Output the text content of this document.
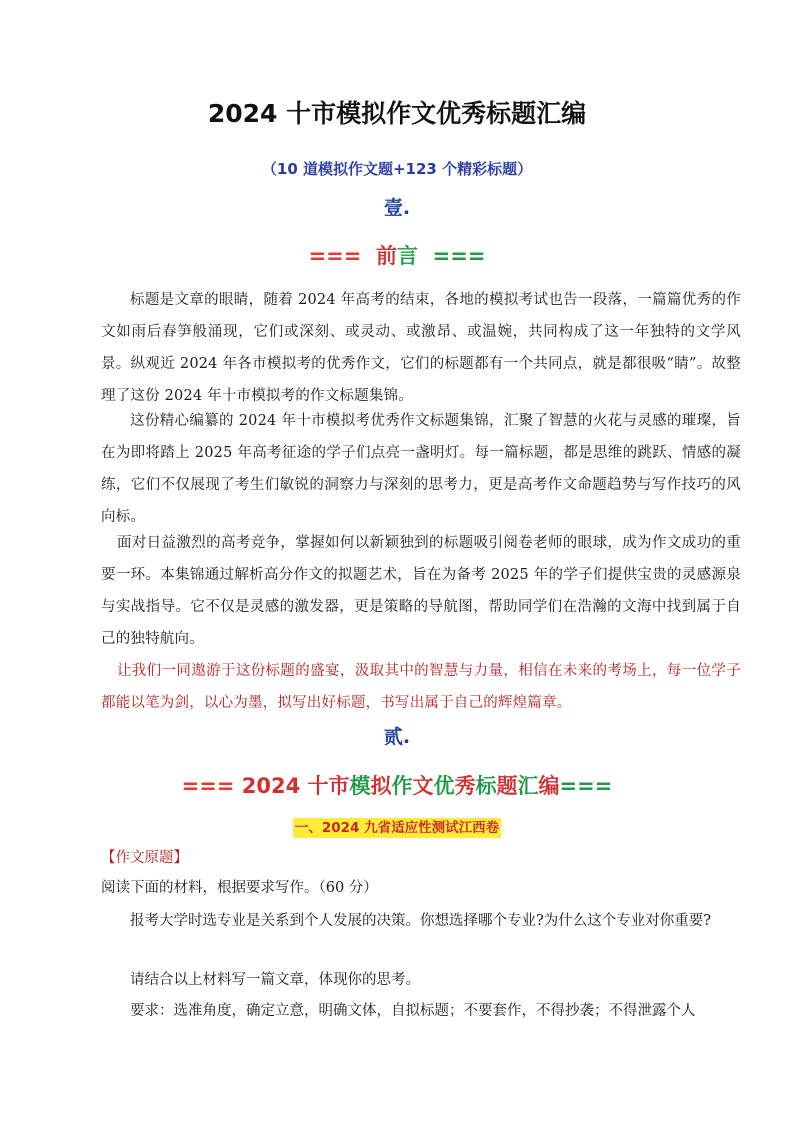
2024 十市模拟作文优秀标题汇编
（10 道模拟作文题+123 个精彩标题）
壹.
=== 前言 ===
标题是文章的眼睛，随着 2024 年高考的结束，各地的模拟考试也告一段落，一篇篇优秀的作文如雨后春笋般涌现，它们或深刻、或灵动、或激昂、或温婉，共同构成了这一年独特的文学风景。纵观近 2024 年各市模拟考的优秀作文，它们的标题都有一个共同点，就是都很吸“睛”。故整理了这份 2024 年十市模拟考的作文标题集锦。
这份精心编纂的 2024 年十市模拟考优秀作文标题集锦，汇聚了智慧的火花与灵感的璀璨，旨在为即将踏上 2025 年高考征途的学子们点亮一盏明灯。每一篇标题，都是思维的跳跃、情感的凝练，它们不仅展现了考生们敏锐的洞察力与深刻的思考力，更是高考作文命题趋势与写作技巧的风向标。
面对日益激烈的高考竞争，掌握如何以新颖独到的标题吸引阅卷老师的眼球，成为作文成功的重要一环。本集锦通过解析高分作文的拟题艺术，旨在为备考 2025 年的学子们提供宝贵的灵感源泉与实战指导。它不仅是灵感的激发器，更是策略的导航图，帮助同学们在浩瀚的文海中找到属于自己的独特航向。
让我们一同遨游于这份标题的盛宴，汲取其中的智慧与力量，相信在未来的考场上，每一位学子都能以笔为剑，以心为墨，拟写出好标题，书写出属于自己的辉煌篇章。
贰.
=== 2024 十市模拟作文优秀标题汇编===
一、2024 九省适应性测试江西卷
【作文原题】
阅读下面的材料，根据要求写作。（60 分）
报考大学时选专业是关系到个人发展的决策。你想选择哪个专业?为什么这个专业对你重要?
请结合以上材料写一篇文章，体现你的思考。
要求：选准角度，确定立意，明确文体，自拟标题；不要套作，不得抄袭；不得泄露个人
